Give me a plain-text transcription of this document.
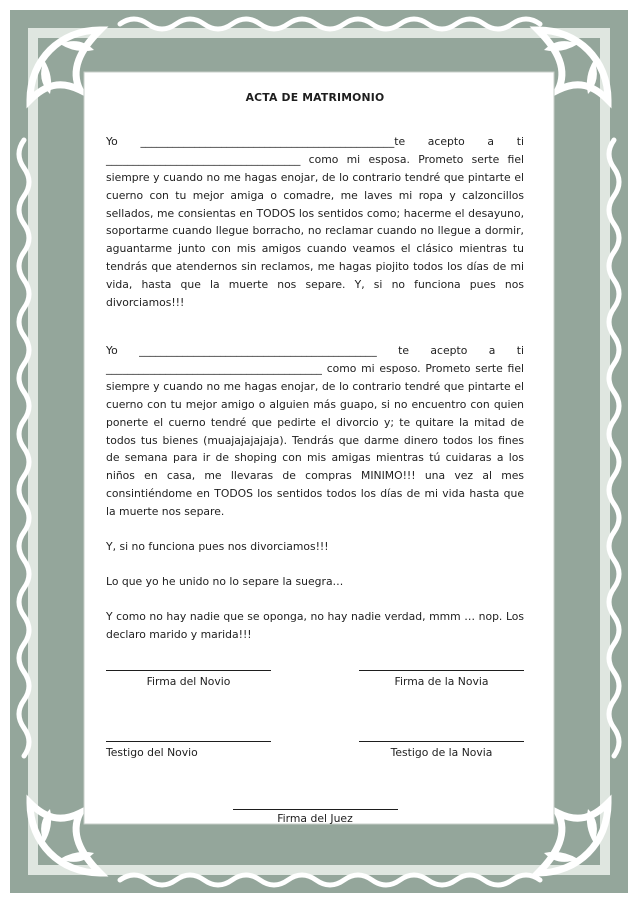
ACTA DE MATRIMONIO

Yo _______________________________________________te acepto a ti ____________________________________ como mi esposa. Prometo serte fiel siempre y cuando no me hagas enojar, de lo contrario tendré que pintarte el cuerno con tu mejor amiga o comadre, me laves mi ropa y calzoncillos sellados, me consientas en TODOS los sentidos como; hacerme el desayuno, soportarme cuando llegue borracho, no reclamar cuando no llegue a dormir, aguantarme junto con mis amigos cuando veamos el clásico mientras tu tendrás que atendernos sin reclamos, me hagas piojito todos los días de mi vida, hasta que la muerte nos separe. Y, si no funciona pues nos divorciamos!!!

Yo ____________________________________________ te acepto a ti ________________________________________ como mi esposo. Prometo serte fiel siempre y cuando no me hagas enojar, de lo contrario tendré que pintarte el cuerno con tu mejor amigo o alguien más guapo, si no encuentro con quien ponerte el cuerno tendré que pedirte el divorcio y; te quitare la mitad de todos tus bienes (muajajajajaja). Tendrás que darme dinero todos los fines de semana para ir de shoping con mis amigas mientras tú cuidaras a los niños en casa, me llevaras de compras MINIMO!!! una vez al mes consintiéndome en TODOS los sentidos todos los días de mi vida hasta que la muerte nos separe.

Y, si no funciona pues nos divorciamos!!!

Lo que yo he unido no lo separe la suegra…

Y como no hay nadie que se oponga, no hay nadie verdad, mmm … nop. Los declaro marido y marida!!!

Firma del Novio	Firma de la Novia
Testigo del Novio	Testigo de la Novia
Firma del Juez
